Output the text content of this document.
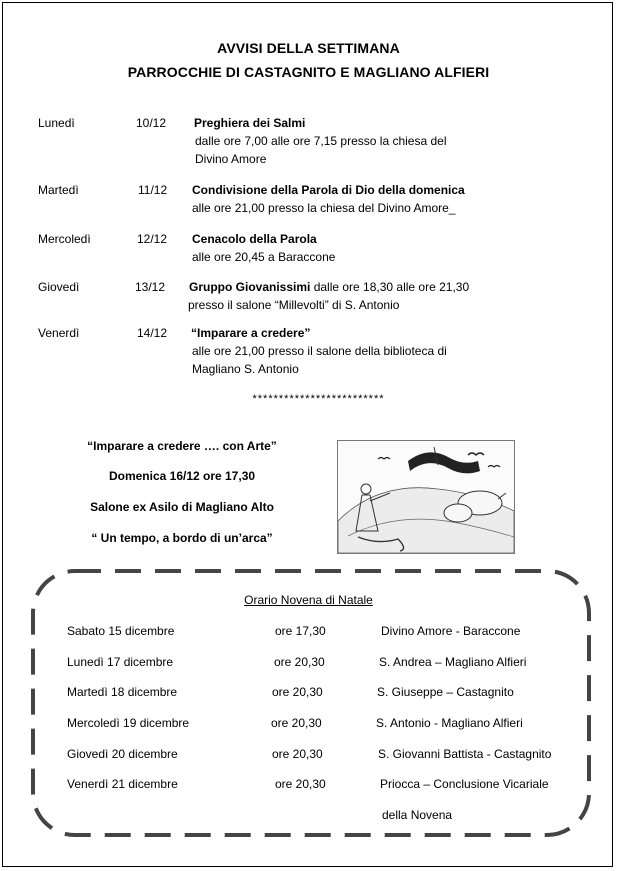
AVVISI DELLA SETTIMANA
PARROCCHIE DI CASTAGNITO E MAGLIANO ALFIERI
Lunedì	10/12 Preghiera dei Salmi
dalle ore 7,00 alle ore 7,15 presso la chiesa del
Divino Amore
Martedì	11/12 Condivisione della Parola di Dio della domenica
alle ore 21,00 presso la chiesa del Divino Amore_
Mercoledì	12/12 Cenacolo della Parola
alle ore 20,45 a Baraccone
Giovedì	13/12 Gruppo Giovanissimi dalle ore 18,30 alle ore 21,30
presso il salone “Millevolti” di S. Antonio
Venerdì	14/12 “Imparare a credere”
alle ore 21,00 presso il salone della biblioteca di
Magliano S. Antonio
*************************
“Imparare a credere …. con Arte”
Domenica 16/12 ore 17,30
Salone ex Asilo di Magliano Alto
“ Un tempo, a bordo di un’arca”
Orario Novena di Natale
Sabato 15 dicembre	ore 17,30	Divino Amore - Baraccone
Lunedì 17 dicembre	ore 20,30	S. Andrea – Magliano Alfieri
Martedì 18 dicembre	ore 20,30	S. Giuseppe – Castagnito
Mercoledì 19 dicembre	ore 20,30	S. Antonio - Magliano Alfieri
Giovedì 20 dicembre	ore 20,30	S. Giovanni Battista - Castagnito
Venerdì 21 dicembre	ore 20,30	Priocca – Conclusione Vicariale
della Novena
